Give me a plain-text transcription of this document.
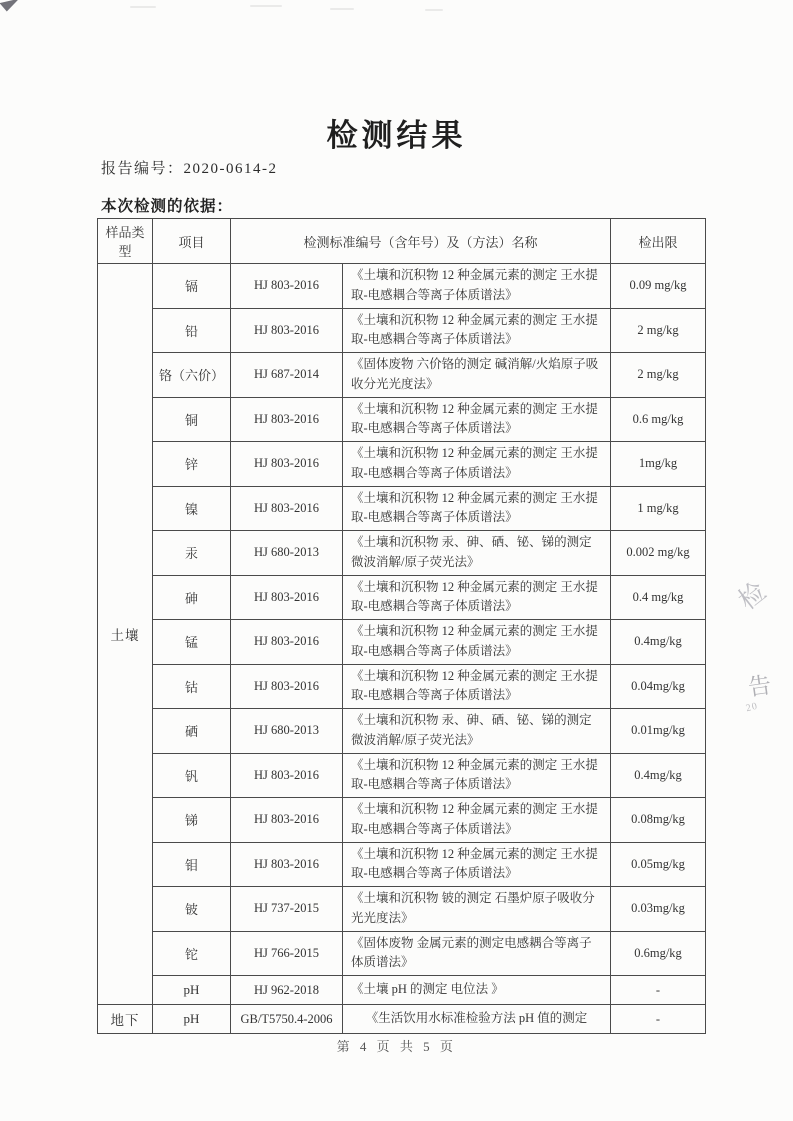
检测结果
报告编号：2020-0614-2
本次检测的依据：
样品类型	项目	检测标准编号（含年号）及（方法）名称		检出限
土壤	镉	HJ 803-2016	《土壤和沉积物 12 种金属元素的测定 王水提取-电感耦合等离子体质谱法》	0.09 mg/kg
	铅	HJ 803-2016	《土壤和沉积物 12 种金属元素的测定 王水提取-电感耦合等离子体质谱法》	2 mg/kg
	铬（六价）	HJ 687-2014	《固体废物 六价铬的测定 碱消解/火焰原子吸收分光光度法》	2 mg/kg
	铜	HJ 803-2016	《土壤和沉积物 12 种金属元素的测定 王水提取-电感耦合等离子体质谱法》	0.6 mg/kg
	锌	HJ 803-2016	《土壤和沉积物 12 种金属元素的测定 王水提取-电感耦合等离子体质谱法》	1mg/kg
	镍	HJ 803-2016	《土壤和沉积物 12 种金属元素的测定 王水提取-电感耦合等离子体质谱法》	1 mg/kg
	汞	HJ 680-2013	《土壤和沉积物 汞、砷、硒、铋、锑的测定 微波消解/原子荧光法》	0.002 mg/kg
	砷	HJ 803-2016	《土壤和沉积物 12 种金属元素的测定 王水提取-电感耦合等离子体质谱法》	0.4 mg/kg
	锰	HJ 803-2016	《土壤和沉积物 12 种金属元素的测定 王水提取-电感耦合等离子体质谱法》	0.4mg/kg
	钴	HJ 803-2016	《土壤和沉积物 12 种金属元素的测定 王水提取-电感耦合等离子体质谱法》	0.04mg/kg
	硒	HJ 680-2013	《土壤和沉积物 汞、砷、硒、铋、锑的测定 微波消解/原子荧光法》	0.01mg/kg
	钒	HJ 803-2016	《土壤和沉积物 12 种金属元素的测定 王水提取-电感耦合等离子体质谱法》	0.4mg/kg
	锑	HJ 803-2016	《土壤和沉积物 12 种金属元素的测定 王水提取-电感耦合等离子体质谱法》	0.08mg/kg
	钼	HJ 803-2016	《土壤和沉积物 12 种金属元素的测定 王水提取-电感耦合等离子体质谱法》	0.05mg/kg
	铍	HJ 737-2015	《土壤和沉积物 铍的测定 石墨炉原子吸收分光光度法》	0.03mg/kg
	铊	HJ 766-2015	《固体废物 金属元素的测定电感耦合等离子体质谱法》	0.6mg/kg
	pH	HJ 962-2018	《土壤 pH 的测定 电位法 》	-
地下	pH	GB/T5750.4-2006	《生活饮用水标准检验方法 pH 值的测定	-
第 4 页 共 5 页
检
告
20
